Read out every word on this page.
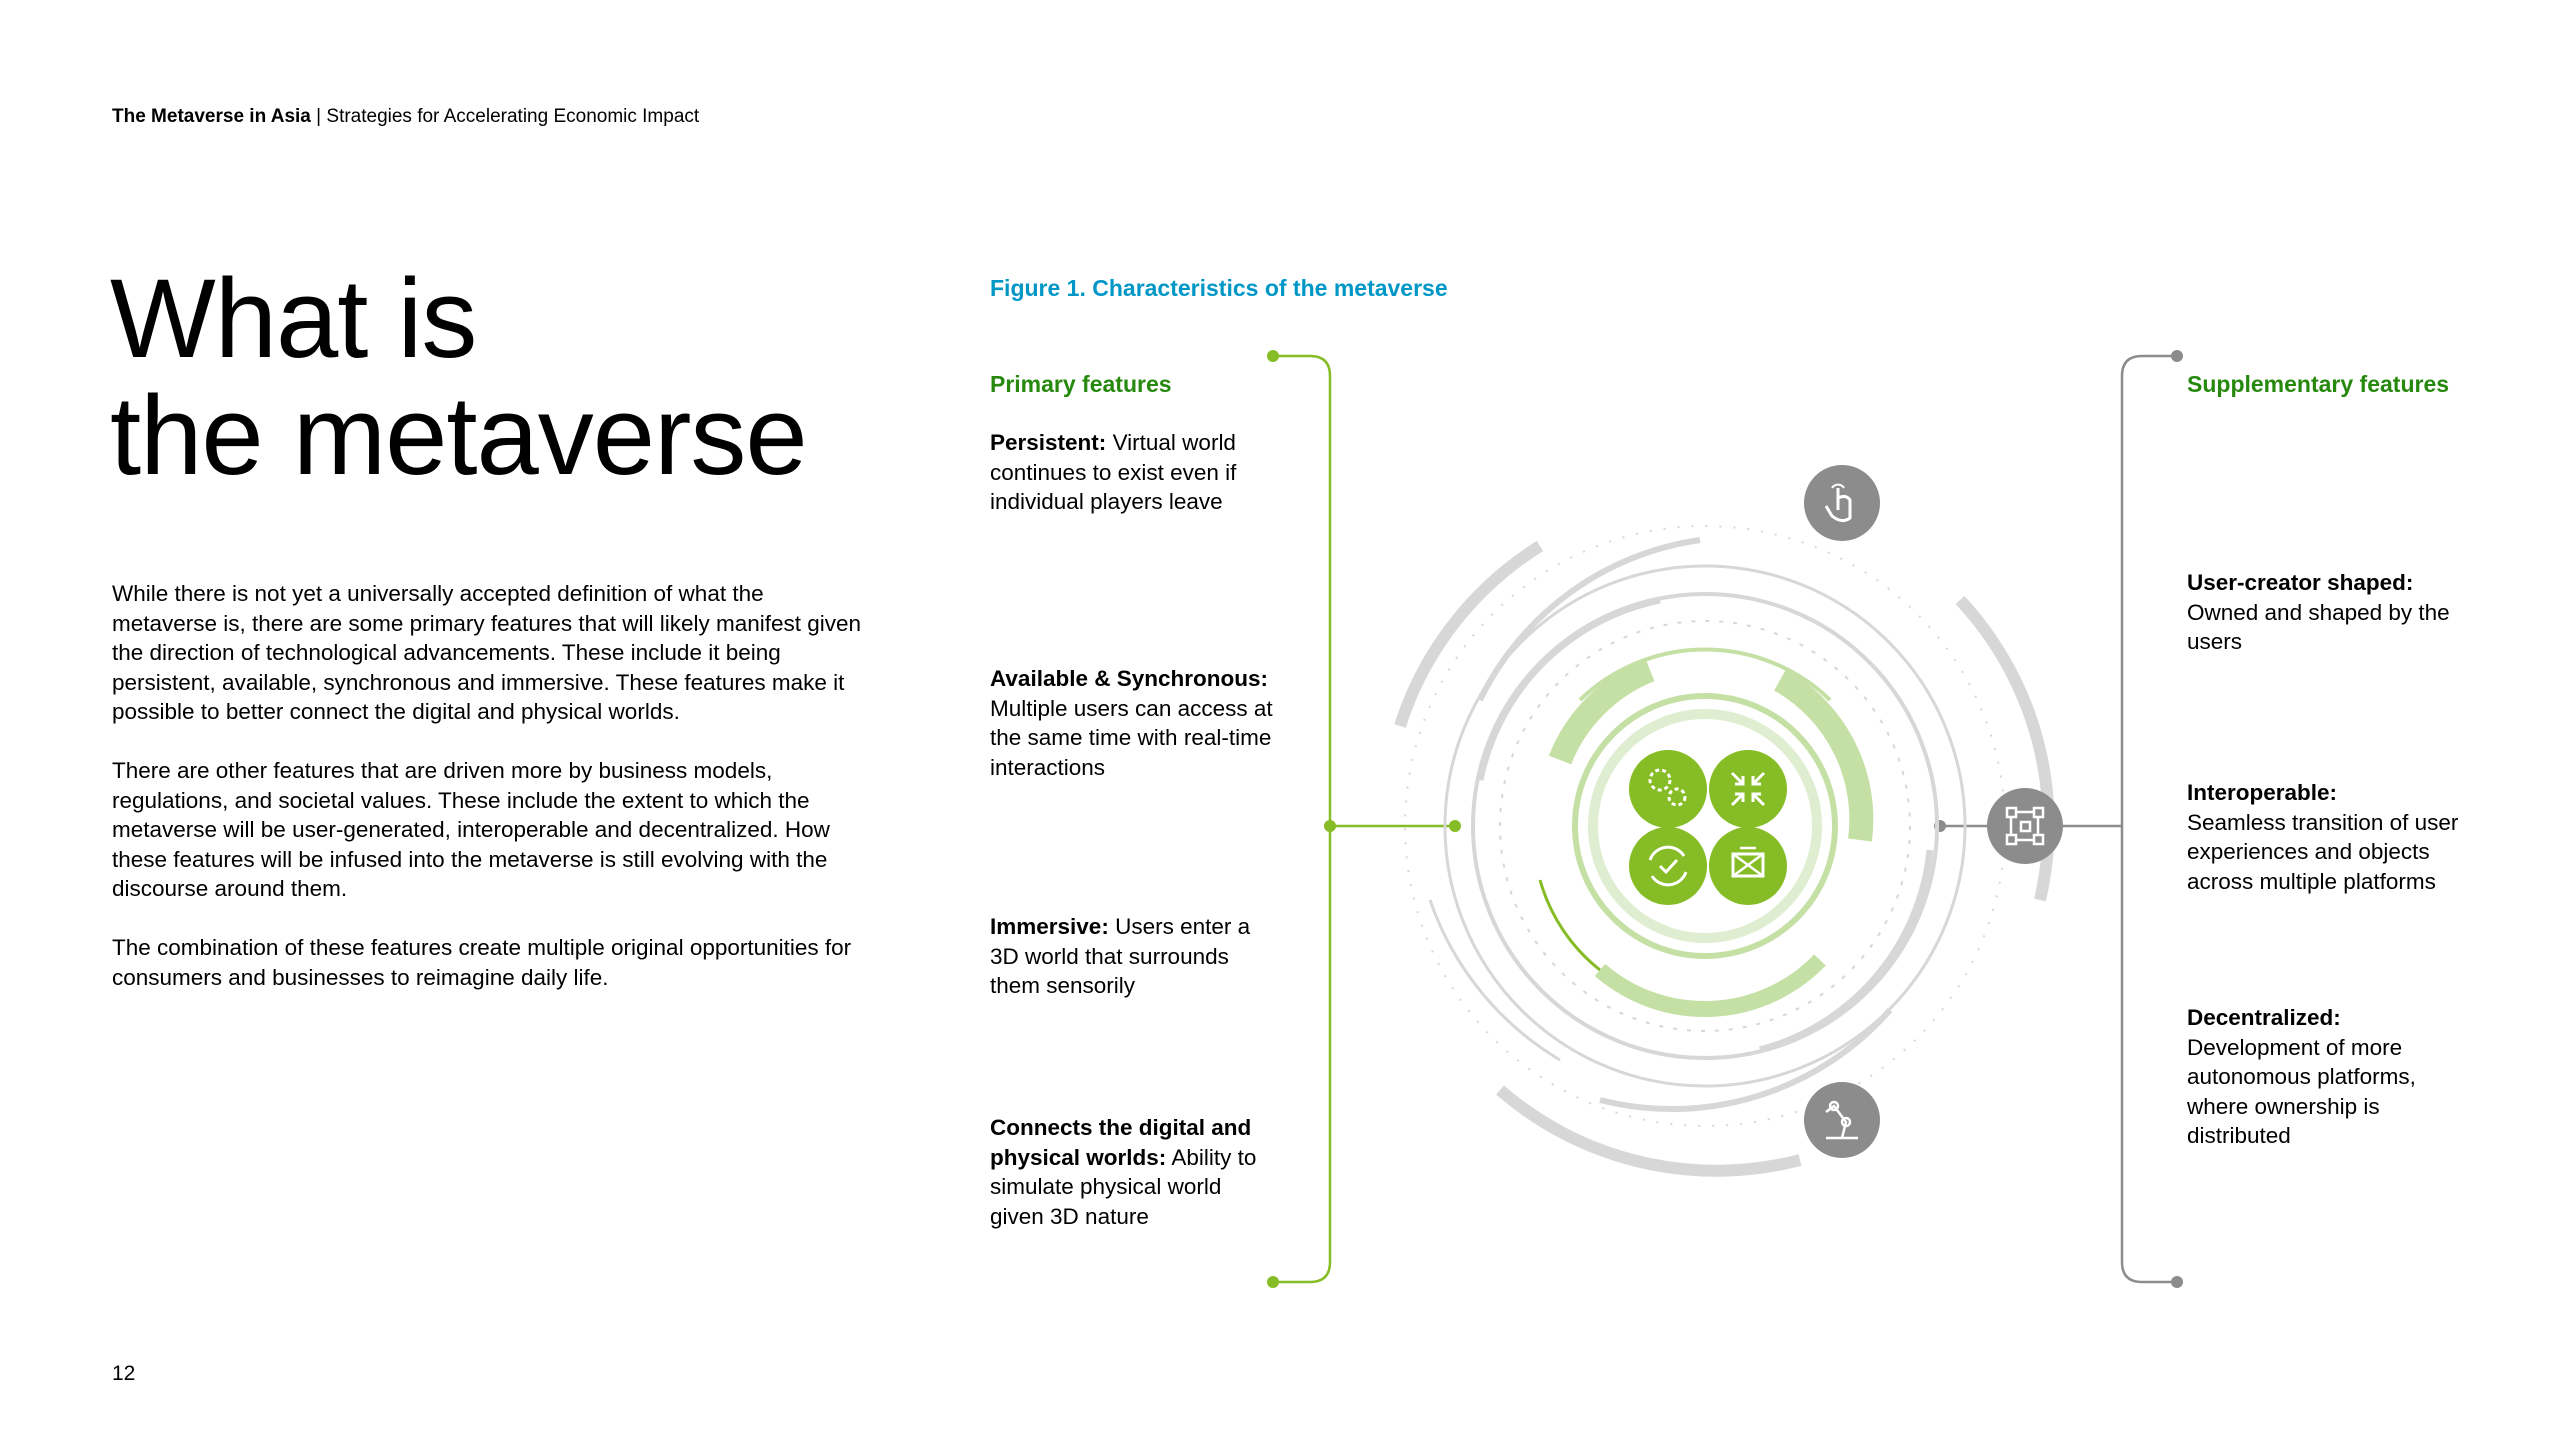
The Metaverse in Asia | Strategies for Accelerating Economic Impact
What is
the metaverse

While there is not yet a universally accepted definition of what the metaverse is, there are some primary features that will likely manifest given the direction of technological advancements. These include it being persistent, available, synchronous and immersive. These features make it possible to better connect the digital and physical worlds.

There are other features that are driven more by business models, regulations, and societal values. These include the extent to which the metaverse will be user-generated, interoperable and decentralized. How these features will be infused into the metaverse is still evolving with the discourse around them.

The combination of these features create multiple original opportunities for consumers and businesses to reimagine daily life.

12
Figure 1. Characteristics of the metaverse
Primary features
Persistent: Virtual world continues to exist even if individual players leave
Available & Synchronous: Multiple users can access at the same time with real-time interactions
Immersive: Users enter a 3D world that surrounds them sensorily
Connects the digital and physical worlds: Ability to simulate physical world given 3D nature
Supplementary features
User-creator shaped:
Owned and shaped by the users
Interoperable:
Seamless transition of user experiences and objects across multiple platforms
Decentralized:
Development of more autonomous platforms, where ownership is distributed
